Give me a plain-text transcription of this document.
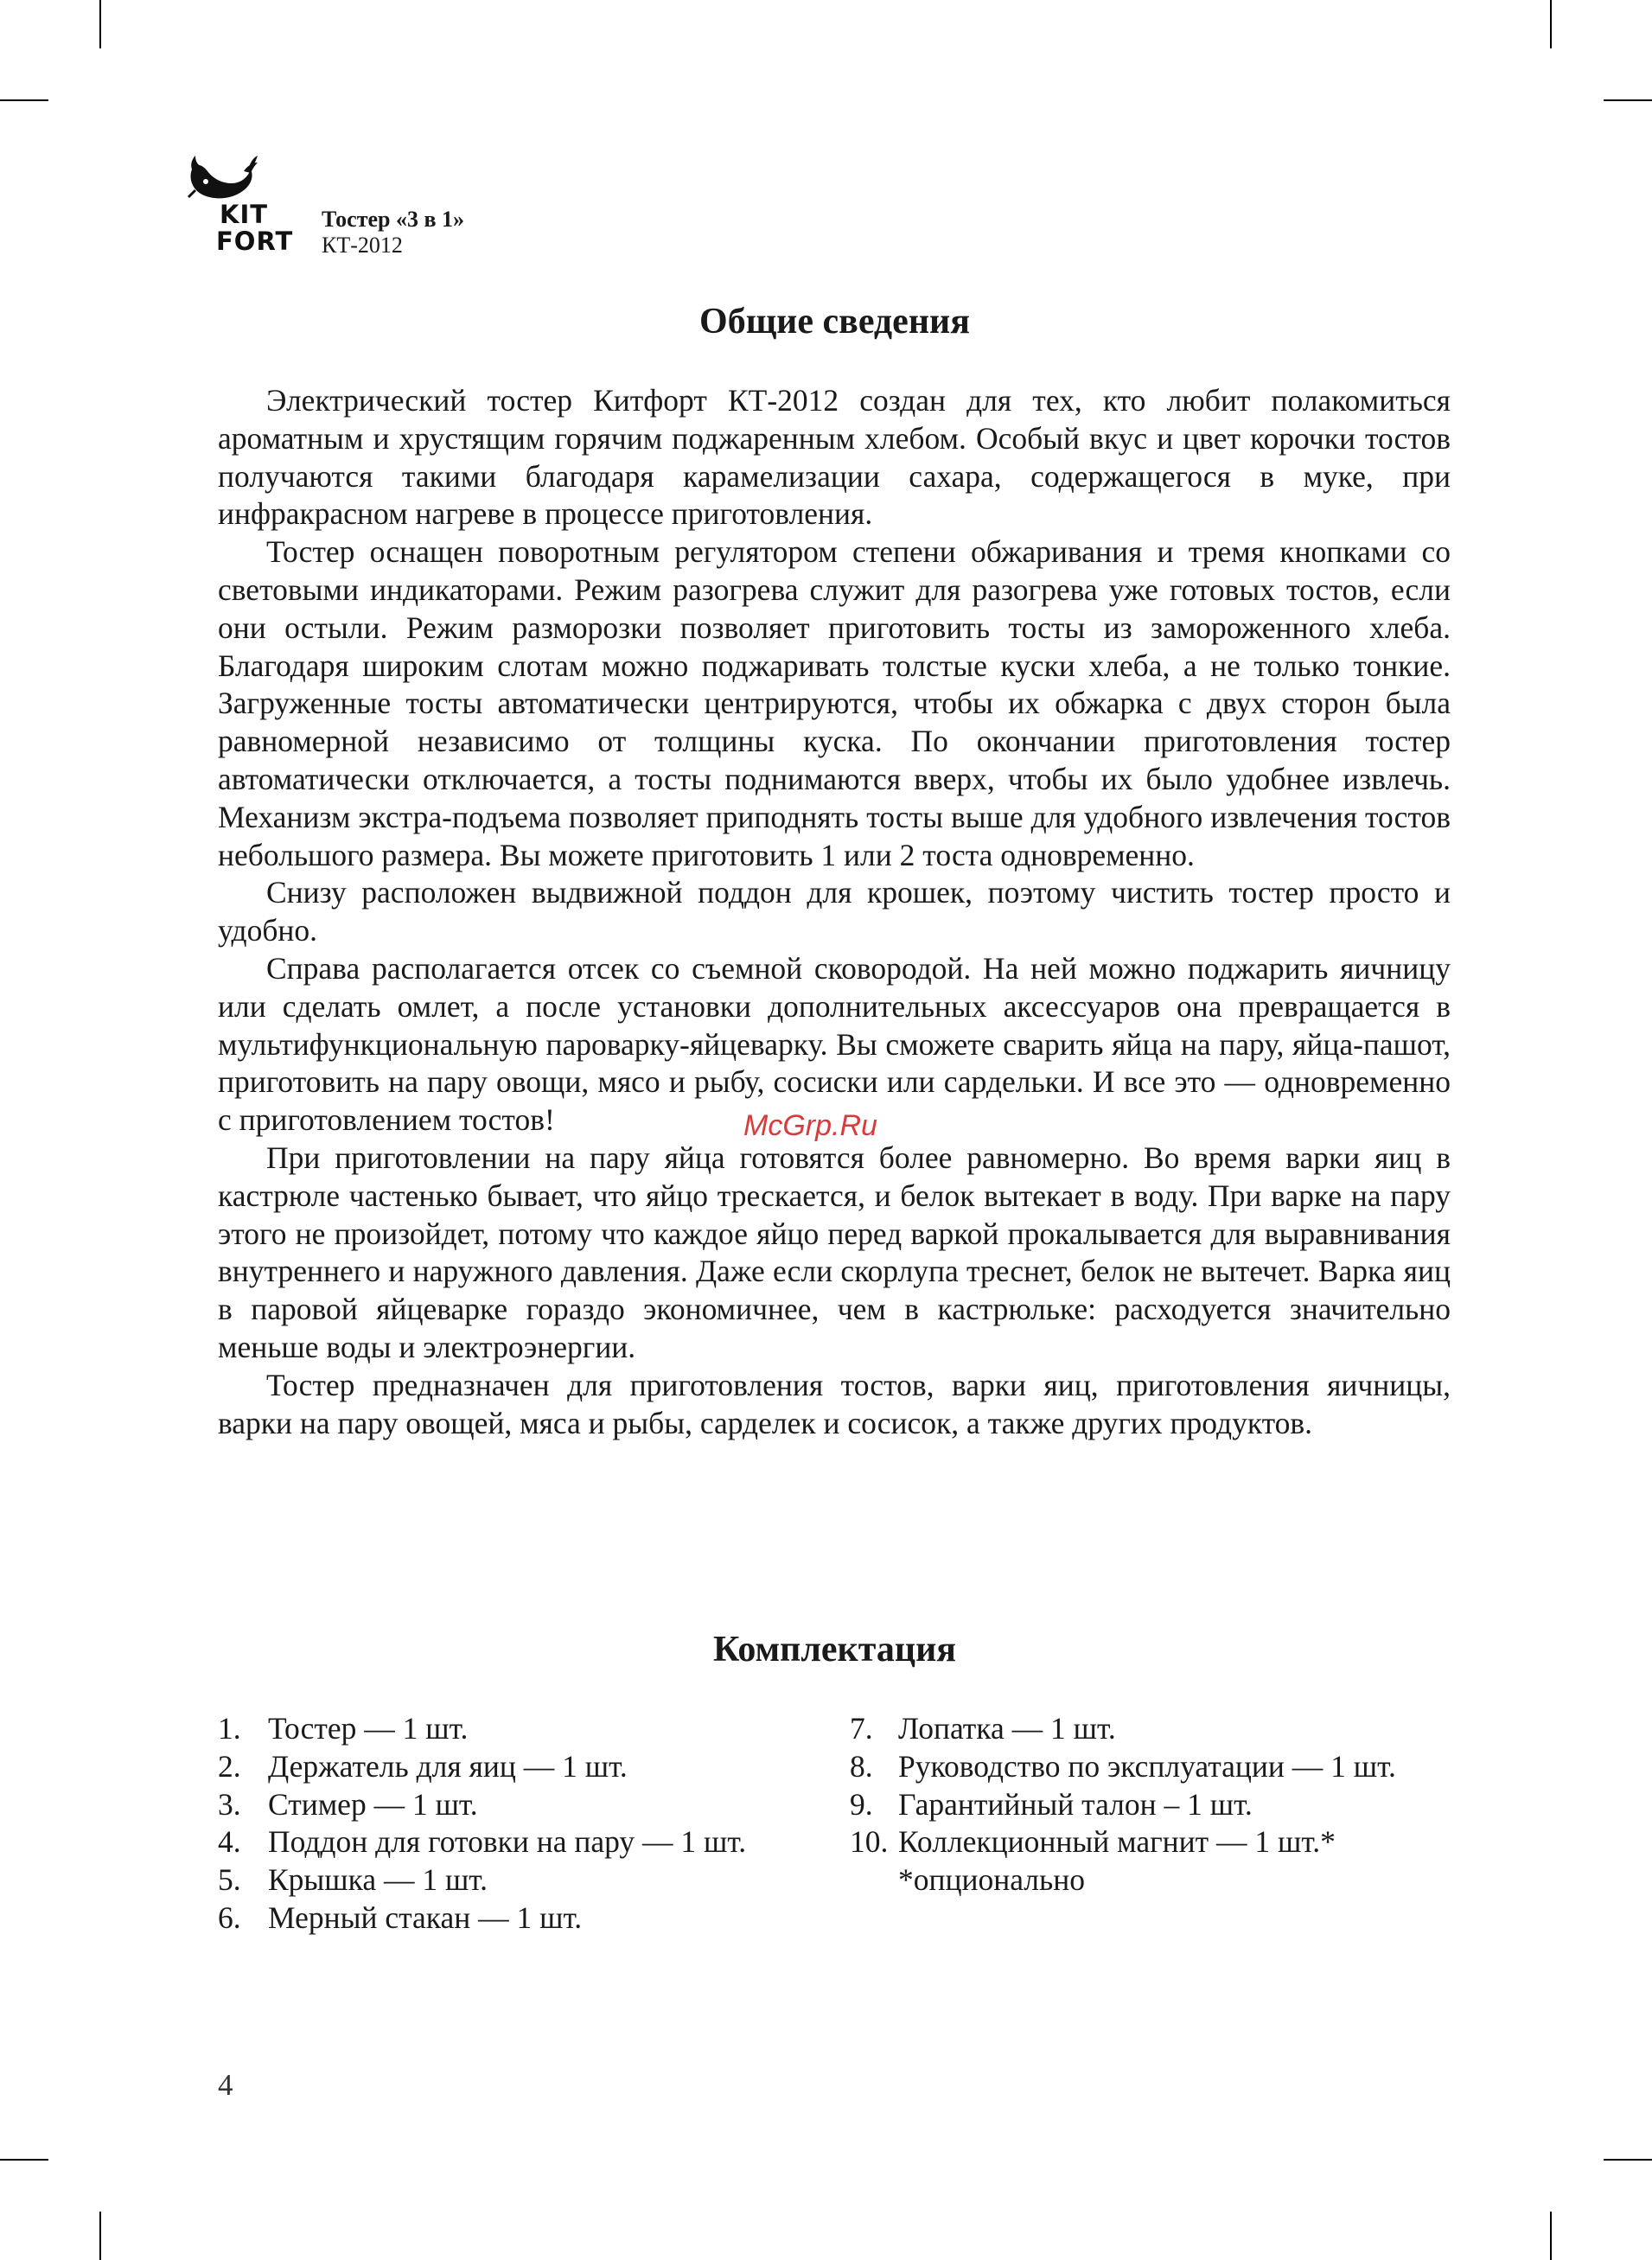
KIT
FORT
Тостер «3 в 1»
КТ-2012
Общие сведения

Электрический тостер Китфорт КТ-2012 создан для тех, кто любит полакомиться ароматным и хрустящим горячим поджаренным хлебом. Особый вкус и цвет корочки тостов получаются такими благодаря карамелизации сахара, содержащегося в муке, при инфракрасном нагреве в процессе приготовления.

Тостер оснащен поворотным регулятором степени обжаривания и тремя кнопками со световыми индикаторами. Режим разогрева служит для разогрева уже готовых тостов, если они остыли. Режим разморозки позволяет приготовить тосты из замороженного хлеба. Благодаря широким слотам можно поджаривать толстые куски хлеба, а не только тонкие. Загруженные тосты автоматически центрируются, чтобы их обжарка с двух сторон была равномерной независимо от толщины куска. По окончании приготовления тостер автоматически отключается, а тосты поднимаются вверх, чтобы их было удобнее извлечь. Механизм экстра-подъема позволяет приподнять тосты выше для удобного извлечения тостов небольшого размера. Вы можете приготовить 1 или 2 тоста одновременно.

Снизу расположен выдвижной поддон для крошек, поэтому чистить тостер просто и удобно.

Справа располагается отсек со съемной сковородой. На ней можно поджарить яичницу или сделать омлет, а после установки дополнительных аксессуаров она превращается в мультифункциональную пароварку-яйцеварку. Вы сможете сварить яйца на пару, яйца-пашот, приготовить на пару овощи, мясо и рыбу, сосиски или сардельки. И все это — одновременно с приготовлением тостов!

При приготовлении на пару яйца готовятся более равномерно. Во время варки яиц в кастрюле частенько бывает, что яйцо трескается, и белок вытекает в воду. При варке на пару этого не произойдет, потому что каждое яйцо перед варкой прокалывается для выравнивания внутреннего и наружного давления. Даже если скорлупа треснет, белок не вытечет. Варка яиц в паровой яйцеварке гораздо экономичнее, чем в кастрюльке: расходуется значительно меньше воды и электроэнергии.

Тостер предназначен для приготовления тостов, варки яиц, приготовления яичницы, варки на пару овощей, мяса и рыбы, сарделек и сосисок, а также других продуктов.

McGrp.Ru
Комплектация
1. Тостер — 1 шт.
2. Держатель для яиц — 1 шт.
3. Стимер — 1 шт.
4. Поддон для готовки на пару — 1 шт.
5. Крышка — 1 шт.
6. Мерный стакан — 1 шт.
7. Лопатка — 1 шт.
8. Руководство по эксплуатации — 1 шт.
9. Гарантийный талон – 1 шт.
10. Коллекционный магнит — 1 шт.*
*опционально
4
